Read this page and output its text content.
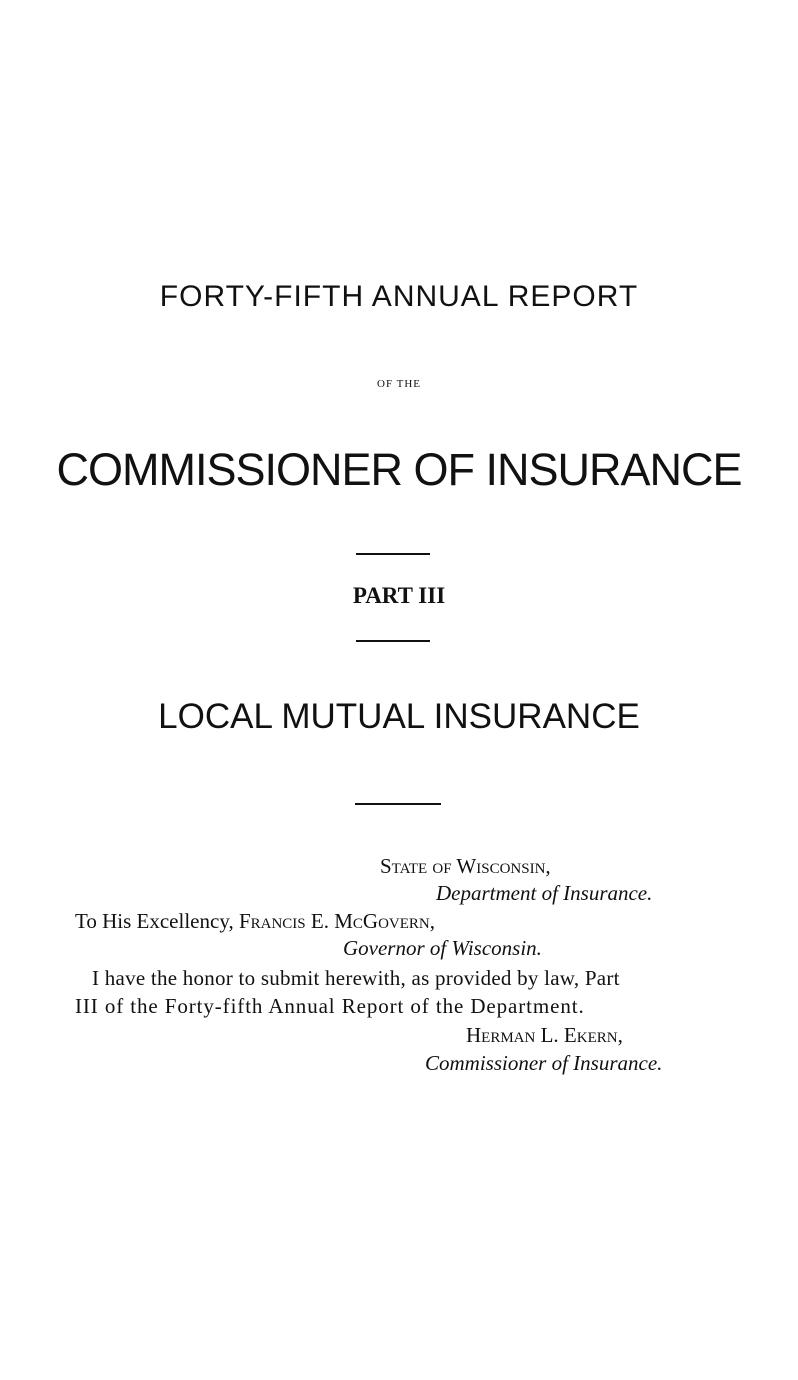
FORTY-FIFTH ANNUAL REPORT
OF THE
COMMISSIONER OF INSURANCE
PART III
LOCAL MUTUAL INSURANCE
State of Wisconsin,
Department of Insurance.
To His Excellency, Francis E. McGovern,
Governor of Wisconsin.
I have the honor to submit herewith, as provided by law, Part
III of the Forty-fifth Annual Report of the Department.
Herman L. Ekern,
Commissioner of Insurance.
